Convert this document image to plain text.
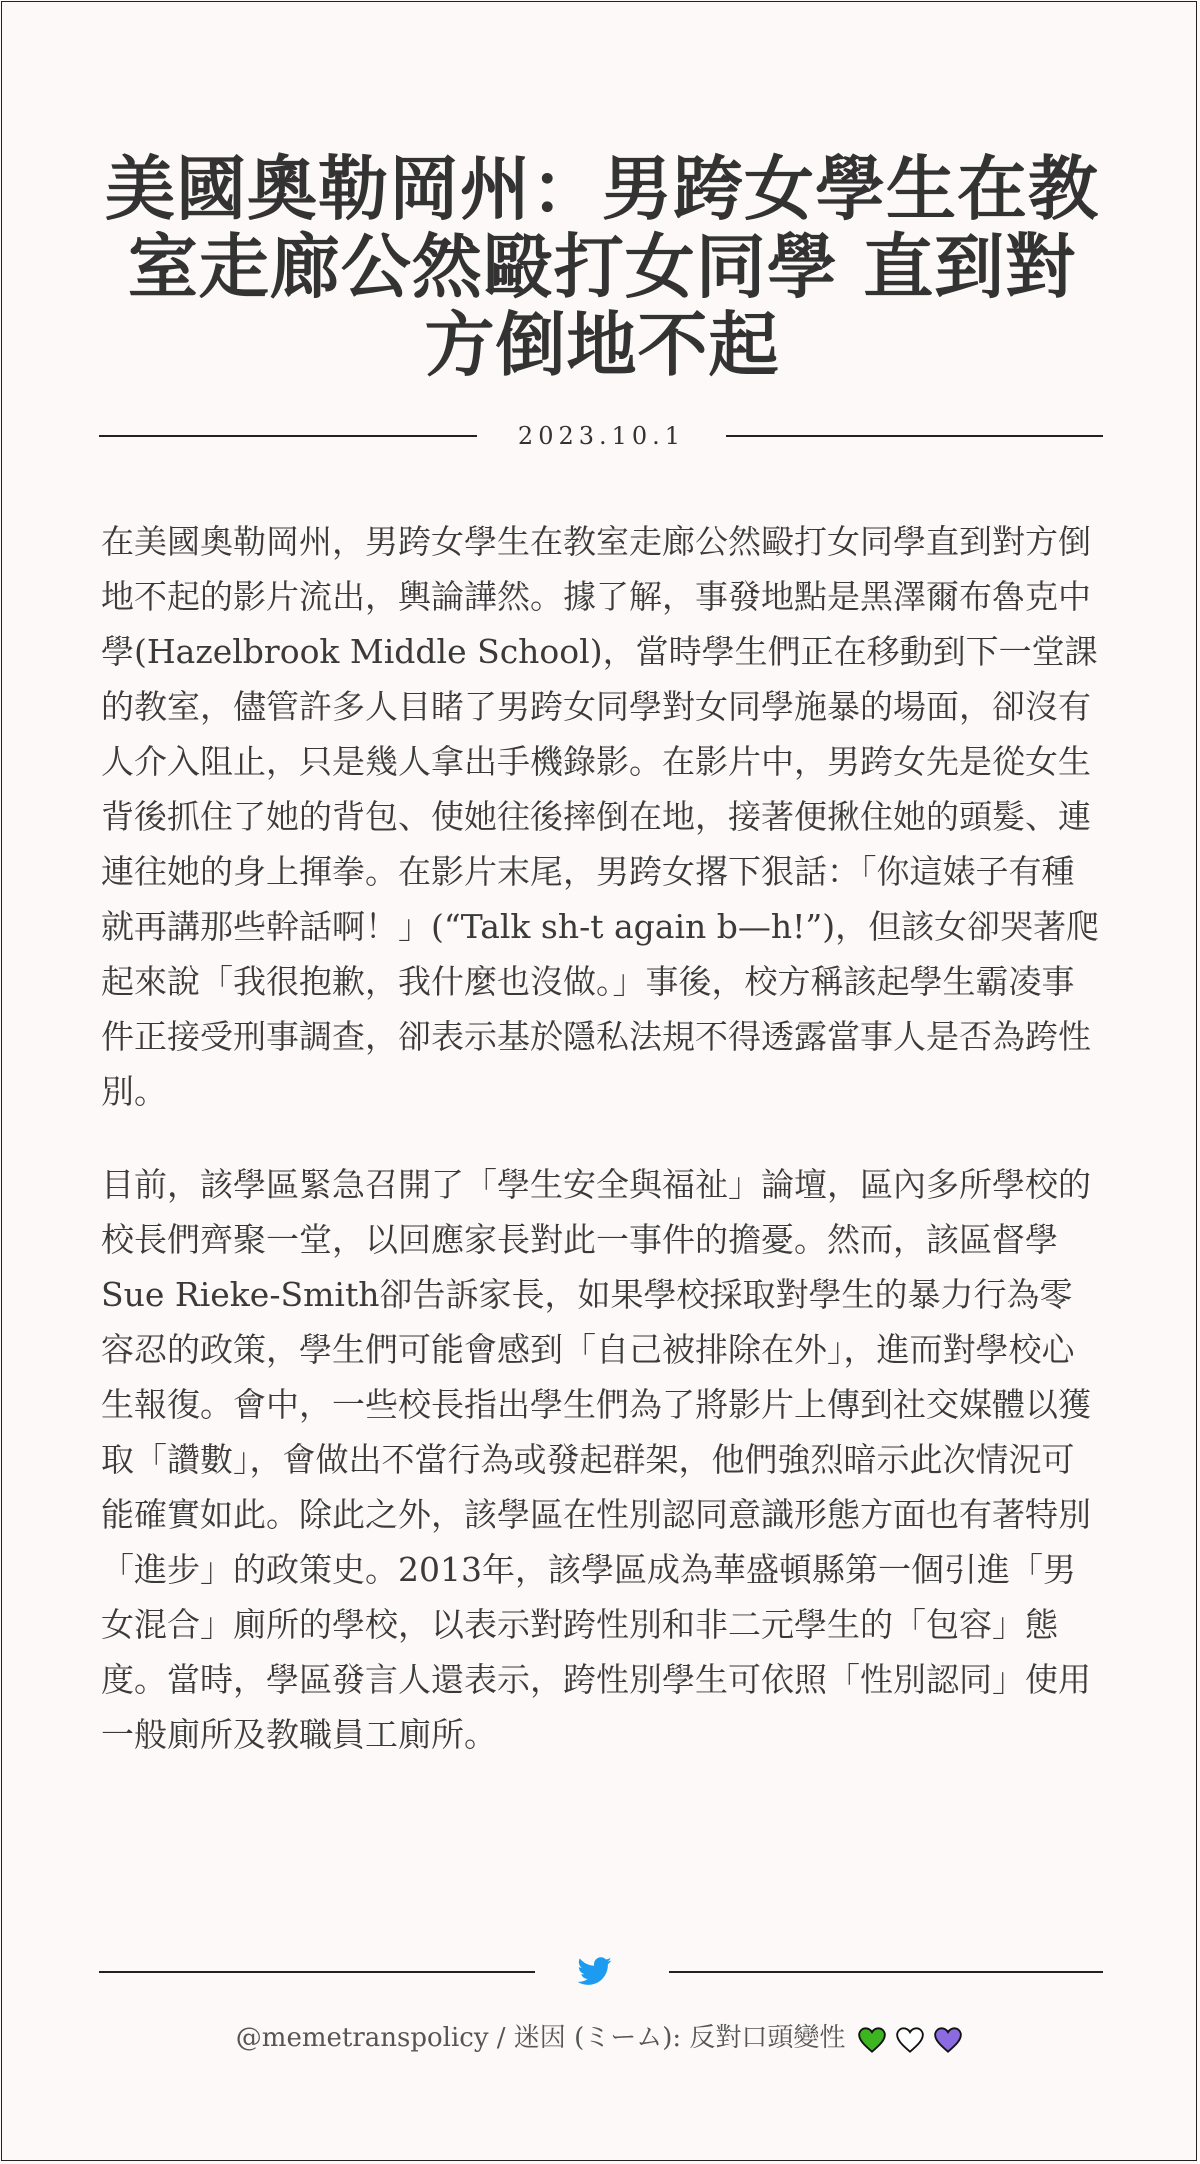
美國奧勒岡州：男跨女學生在教室走廊公然毆打女同學 直到對方倒地不起
2023.10.1

在美國奧勒岡州，男跨女學生在教室走廊公然毆打女同學直到對方倒地不起的影片流出，輿論譁然。據了解，事發地點是黑澤爾布魯克中學(Hazelbrook Middle School)，當時學生們正在移動到下一堂課的教室，儘管許多人目睹了男跨女同學對女同學施暴的場面，卻沒有人介入阻止，只是幾人拿出手機錄影。在影片中，男跨女先是從女生背後抓住了她的背包、使她往後摔倒在地，接著便揪住她的頭髮、連連往她的身上揮拳。在影片末尾，男跨女撂下狠話：「你這婊子有種就再講那些幹話啊！」(“Talk sh-t again b—h!”)，但該女卻哭著爬起來說「我很抱歉，我什麼也沒做。」事後，校方稱該起學生霸凌事件正接受刑事調查，卻表示基於隱私法規不得透露當事人是否為跨性別。

目前，該學區緊急召開了「學生安全與福祉」論壇，區內多所學校的校長們齊聚一堂，以回應家長對此一事件的擔憂。然而，該區督學Sue Rieke-Smith卻告訴家長，如果學校採取對學生的暴力行為零容忍的政策，學生們可能會感到「自己被排除在外」，進而對學校心生報復。會中，一些校長指出學生們為了將影片上傳到社交媒體以獲取「讚數」，會做出不當行為或發起群架，他們強烈暗示此次情況可能確實如此。除此之外，該學區在性別認同意識形態方面也有著特別「進步」的政策史。2013年，該學區成為華盛頓縣第一個引進「男女混合」廁所的學校，以表示對跨性別和非二元學生的「包容」態度。當時，學區發言人還表示，跨性別學生可依照「性別認同」使用一般廁所及教職員工廁所。

@memetranspolicy / 迷因 (ミーム): 反對口頭變性
